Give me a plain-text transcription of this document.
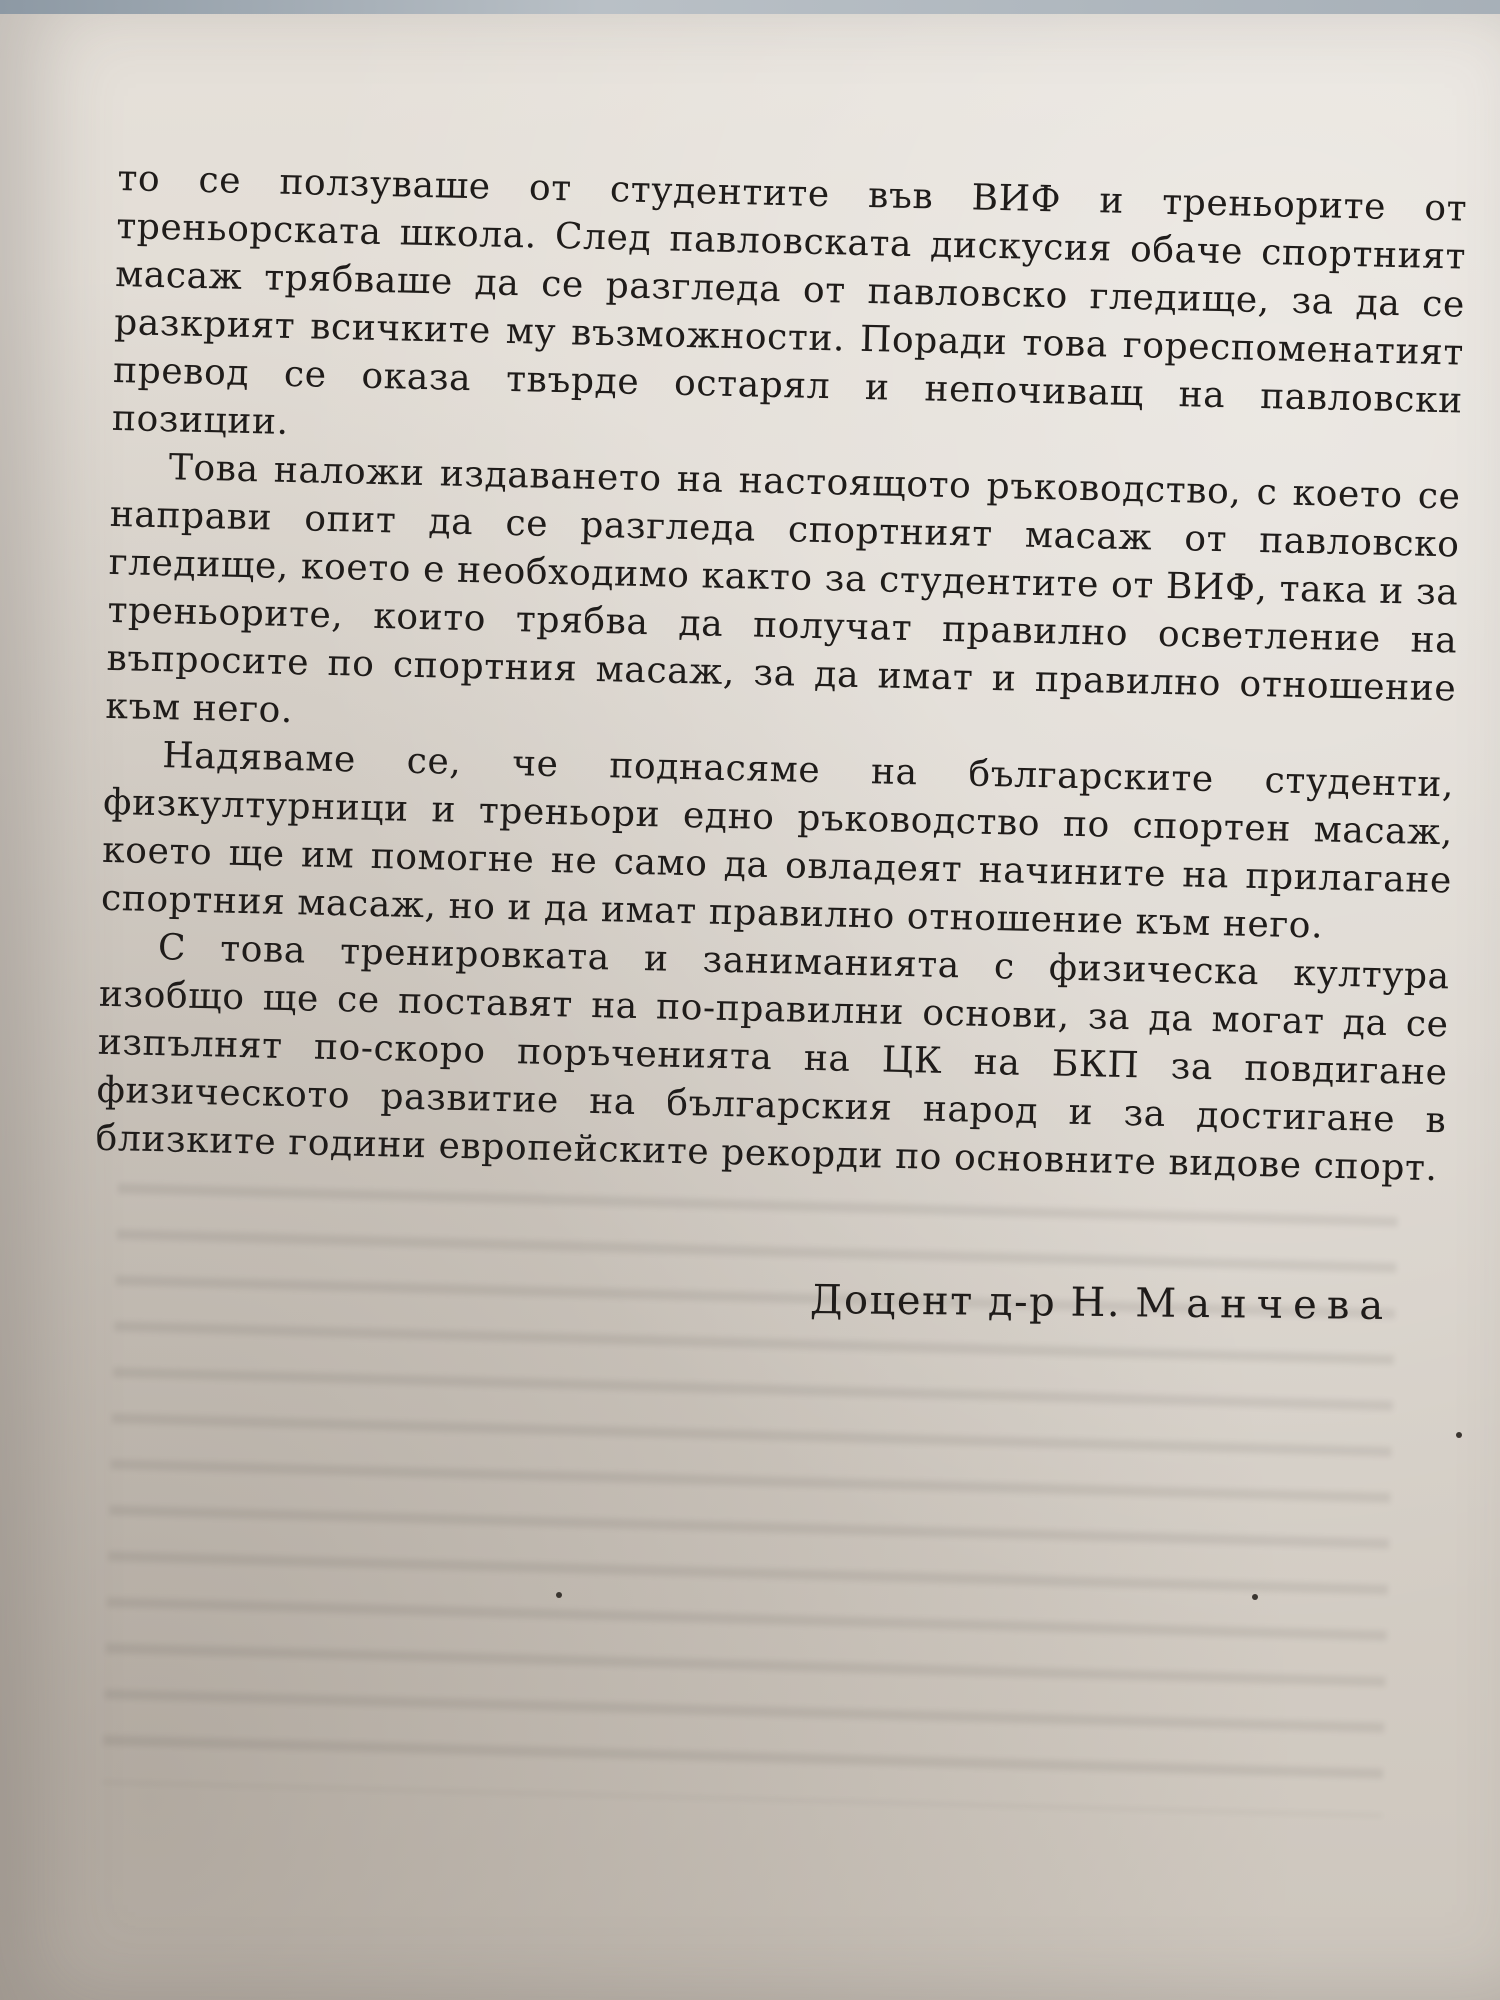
то се ползуваше от студентите във ВИФ и треньорите от треньорската школа. След павловската дискусия обаче спортният масаж трябваше да се разгледа от павловско гледище, за да се разкрият всичките му възможности. Поради това гореспоменатият превод се оказа твърде остарял и непочиващ на павловски позиции.

Това наложи издаването на настоящото ръководство, с което се направи опит да се разгледа спортният масаж от павловско гледище, което е необходимо както за студентите от ВИФ, така и за треньорите, които трябва да получат правилно осветление на въпросите по спортния масаж, за да имат и правилно отношение към него.

Надяваме се, че поднасяме на българските студенти, физкултурници и треньори едно ръководство по спортен масаж, което ще им помогне не само да овладеят начините на прилагане спортния масаж, но и да имат правилно отношение към него.

С това тренировката и заниманията с физическа култура изобщо ще се поставят на по-правилни основи, за да могат да се изпълнят по-скоро поръченията на ЦК на БКП за повдигане физическото развитие на българския народ и за достигане в близките години европейските рекорди по основните видове спорт.

Доцент д-р Н. Манчева
